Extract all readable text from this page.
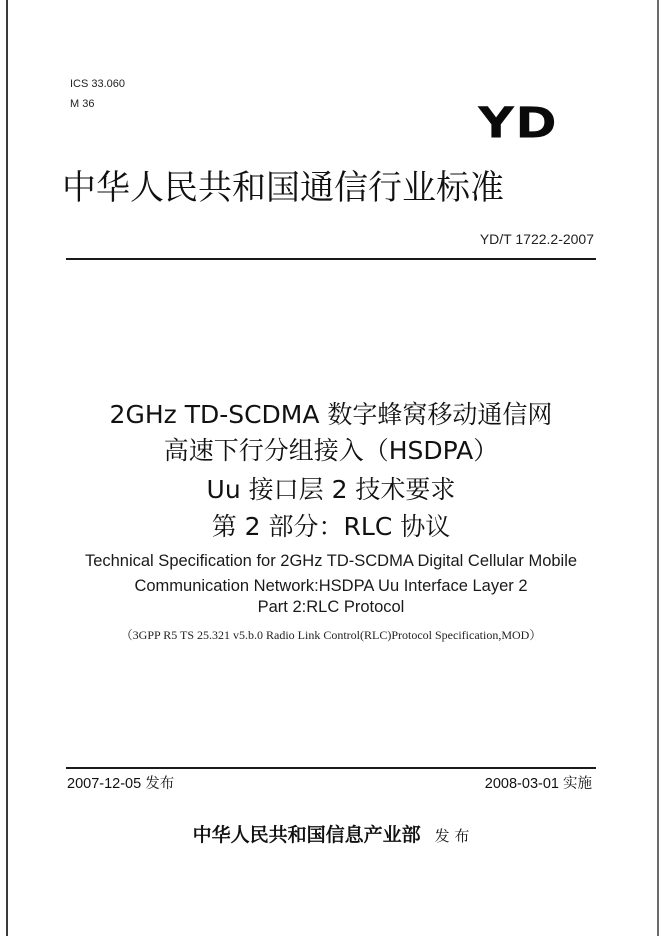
ICS 33.060
M 36	YD
中华人民共和国通信行业标准
YD/T 1722.2-2007
2GHz TD-SCDMA 数字蜂窝移动通信网
高速下行分组接入（HSDPA）
Uu 接口层 2 技术要求
第 2 部分：RLC 协议
Technical Specification for 2GHz TD-SCDMA Digital Cellular Mobile
Communication Network:HSDPA Uu Interface Layer 2
Part 2:RLC Protocol
（3GPP R5 TS 25.321 v5.b.0 Radio Link Control(RLC)Protocol Specification,MOD）
2007-12-05 发布	2008-03-01 实施
中华人民共和国信息产业部 发 布
